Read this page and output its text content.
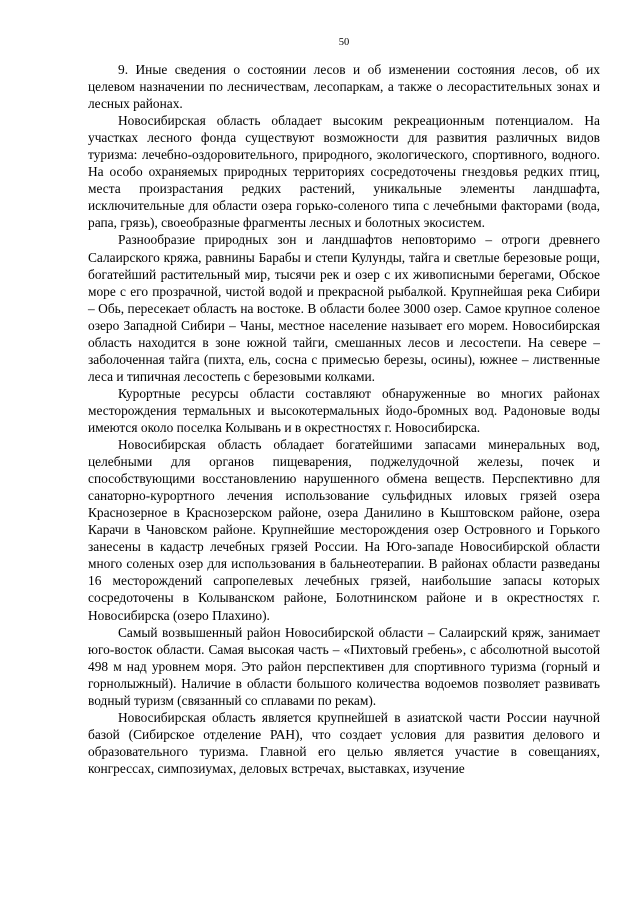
50

9. Иные сведения о состоянии лесов и об изменении состояния лесов, об их целевом назначении по лесничествам, лесопаркам, а также о лесорастительных зонах и лесных районах.

Новосибирская область обладает высоким рекреационным потенциалом. На участках лесного фонда существуют возможности для развития различных видов туризма: лечебно-оздоровительного, природного, экологического, спортивного, водного. На особо охраняемых природных территориях сосредоточены гнездовья редких птиц, места произрастания редких растений, уникальные элементы ландшафта, исключительные для области озера горько-соленого типа с лечебными факторами (вода, рапа, грязь), своеобразные фрагменты лесных и болотных экосистем.

Разнообразие природных зон и ландшафтов неповторимо – отроги древнего Салаирского кряжа, равнины Барабы и степи Кулунды, тайга и светлые березовые рощи, богатейший растительный мир, тысячи рек и озер с их живописными берегами, Обское море с его прозрачной, чистой водой и прекрасной рыбалкой. Крупнейшая река Сибири – Обь, пересекает область на востоке. В области более 3000 озер. Самое крупное соленое озеро Западной Сибири – Чаны, местное население называет его морем. Новосибирская область находится в зоне южной тайги, смешанных лесов и лесостепи. На севере – заболоченная тайга (пихта, ель, сосна с примесью березы, осины), южнее – лиственные леса и типичная лесостепь с березовыми колками.

Курортные ресурсы области составляют обнаруженные во многих районах месторождения термальных и высокотермальных йодо-бромных вод. Радоновые воды имеются около поселка Колывань и в окрестностях г. Новосибирска.

Новосибирская область обладает богатейшими запасами минеральных вод, целебными для органов пищеварения, поджелудочной железы, почек и способствующими восстановлению нарушенного обмена веществ. Перспективно для санаторно-курортного лечения использование сульфидных иловых грязей озера Краснозерное в Краснозерском районе, озера Данилино в Кыштовском районе, озера Карачи в Чановском районе. Крупнейшие месторождения озер Островного и Горького занесены в кадастр лечебных грязей России. На Юго-западе Новосибирской области много соленых озер для использования в бальнеотерапии. В районах области разведаны 16 месторождений сапропелевых лечебных грязей, наибольшие запасы которых сосредоточены в Колыванском районе, Болотнинском районе и в окрестностях г. Новосибирска (озеро Плахино).

Самый возвышенный район Новосибирской области – Салаирский кряж, занимает юго-восток области. Самая высокая часть – «Пихтовый гребень», с абсолютной высотой 498 м над уровнем моря. Это район перспективен для спортивного туризма (горный и горнолыжный). Наличие в области большого количества водоемов позволяет развивать водный туризм (связанный со сплавами по рекам).

Новосибирская область является крупнейшей в азиатской части России научной базой (Сибирское отделение РАН), что создает условия для развития делового и образовательного туризма. Главной его целью является участие в совещаниях, конгрессах, симпозиумах, деловых встречах, выставках, изучение
